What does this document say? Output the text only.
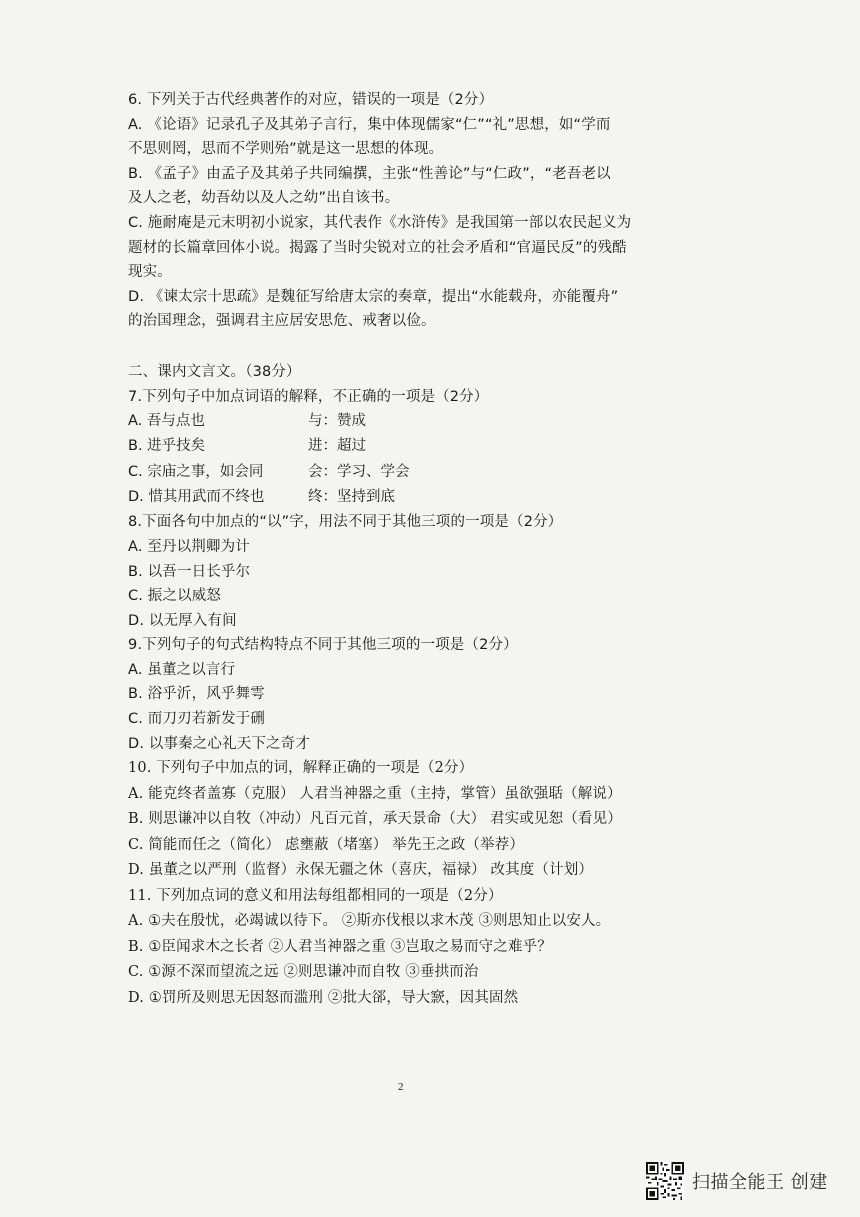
6. 下列关于古代经典著作的对应，错误的一项是（2分）
A. 《论语》记录孔子及其弟子言行，集中体现儒家“仁”“礼”思想，如“学而
不思则罔，思而不学则殆”就是这一思想的体现。
B. 《孟子》由孟子及其弟子共同编撰，主张“性善论”与“仁政”，“老吾老以
及人之老，幼吾幼以及人之幼”出自该书。
C. 施耐庵是元末明初小说家，其代表作《水浒传》是我国第一部以农民起义为
题材的长篇章回体小说。揭露了当时尖锐对立的社会矛盾和“官逼民反”的残酷
现实。
D. 《谏太宗十思疏》是魏征写给唐太宗的奏章，提出“水能载舟，亦能覆舟”
的治国理念，强调君主应居安思危、戒奢以俭。
二、课内文言文。（38分）
7.下列句子中加点词语的解释，不正确的一项是（2分）
A. 吾与点也	与：赞成
B. 进乎技矣	进：超过
C. 宗庙之事，如会同	会：学习、学会
D. 惜其用武而不终也	终：坚持到底
8.下面各句中加点的“以”字，用法不同于其他三项的一项是（2分）
A. 至丹以荆卿为计
B. 以吾一日长乎尔
C. 振之以威怒
D. 以无厚入有间
9.下列句子的句式结构特点不同于其他三项的一项是（2分）
A. 虽董之以言行
B. 浴乎沂，风乎舞雩
C. 而刀刃若新发于硎
D. 以事秦之心礼天下之奇才
10. 下列句子中加点的词，解释正确的一项是（2分）
A. 能克终者盖寡（克服） 人君当神器之重（主持，掌管）虽欲强聒（解说）
B. 则思谦冲以自牧（冲动）凡百元首，承天景命（大） 君实或见恕（看见）
C. 简能而任之（简化） 虑壅蔽（堵塞） 举先王之政（举荐）
D. 虽董之以严刑（监督）永保无疆之休（喜庆，福禄） 改其度（计划）
11. 下列加点词的意义和用法每组都相同的一项是（2分）
A. ①夫在殷忧，必竭诚以待下。 ②斯亦伐根以求木茂 ③则思知止以安人。
B. ①臣闻求木之长者 ②人君当神器之重 ③岂取之易而守之难乎？
C. ①源不深而望流之远 ②则思谦冲而自牧 ③垂拱而治
D. ①罚所及则思无因怒而滥刑 ②批大郤，导大窾，因其固然
2
扫描全能王 创建
